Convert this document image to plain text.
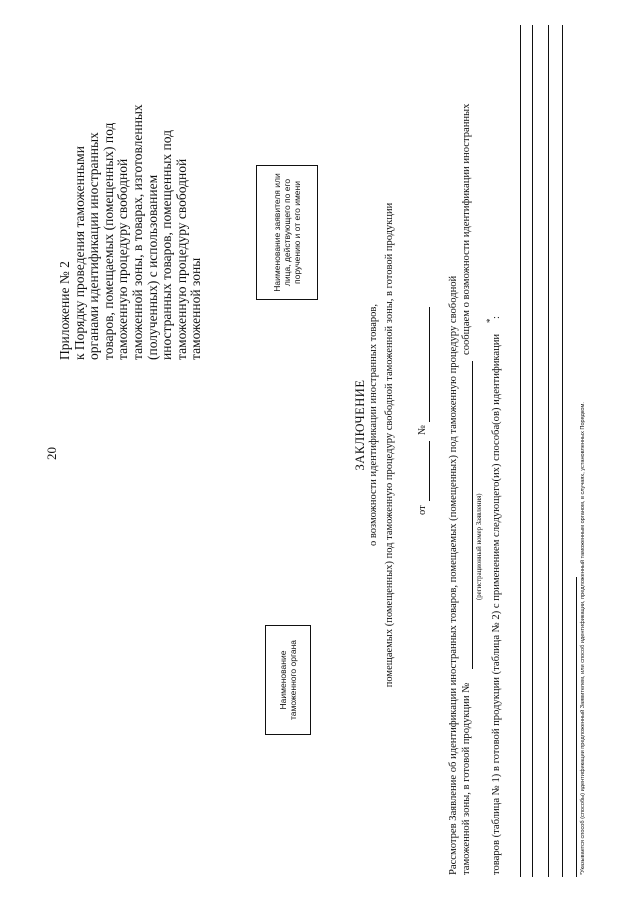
20
Приложение № 2 к Порядку проведения таможенными
органами идентификации иностранных
товаров, помещаемых (помещенных) под
таможенную процедуру свободной
таможенной зоны, в товарах, изготовленных
(полученных) с использованием
иностранных товаров, помещенных под
таможенную процедуру свободной
таможенной зоны	Наименование заявителя или лица, действующего по его поручению и от его имени
Наименование таможенного органа
ЗАКЛЮЧЕНИЕ о возможности идентификации иностранных товаров, помещаемых (помещенных) под таможенную процедуру свободной таможенной зоны, в готовой продукции от
№ Рассмотрев Заявление об идентификации иностранных товаров, помещаемых (помещенных) под таможенную процедуру свободной таможенной зоны, в готовой продукции №
сообщаем о возможности идентификации иностранных
(регистрационный номер Заявления) товаров (таблица № 1) в готовой продукции (таблица № 2) с применением следующего(их) способа(ов) идентификации
*
:
*Указывается способ (способы) идентификации предложенный Заявителем, или способ идентификации, предложенный таможенным органом, в случаях, установленных Порядком.
